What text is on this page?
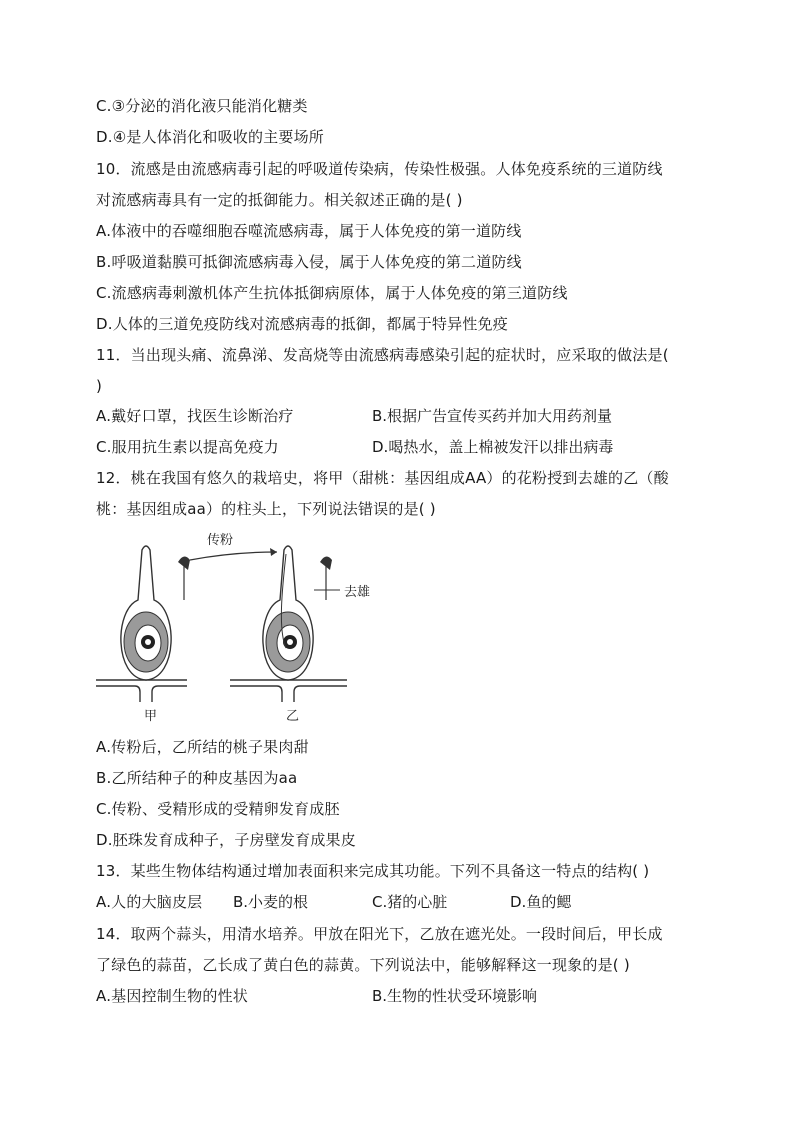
C.③分泌的消化液只能消化糖类
D.④是人体消化和吸收的主要场所
10．流感是由流感病毒引起的呼吸道传染病，传染性极强。人体免疫系统的三道防线
对流感病毒具有一定的抵御能力。相关叙述正确的是( )
A.体液中的吞噬细胞吞噬流感病毒，属于人体免疫的第一道防线
B.呼吸道黏膜可抵御流感病毒入侵，属于人体免疫的第二道防线
C.流感病毒刺激机体产生抗体抵御病原体，属于人体免疫的第三道防线
D.人体的三道免疫防线对流感病毒的抵御，都属于特异性免疫
11．当出现头痛、流鼻涕、发高烧等由流感病毒感染引起的症状时，应采取的做法是(
)
A.戴好口罩，找医生诊断治疗	B.根据广告宣传买药并加大用药剂量
C.服用抗生素以提高免疫力	D.喝热水，盖上棉被发汗以排出病毒
12．桃在我国有悠久的栽培史，将甲（甜桃：基因组成AA）的花粉授到去雄的乙（酸
桃：基因组成aa）的柱头上，下列说法错误的是( )
传粉
去雄
甲	乙
A.传粉后，乙所结的桃子果肉甜
B.乙所结种子的种皮基因为aa
C.传粉、受精形成的受精卵发育成胚
D.胚珠发育成种子，子房壁发育成果皮
13．某些生物体结构通过增加表面积来完成其功能。下列不具备这一特点的结构( )
A.人的大脑皮层 B.小麦的根	C.猪的心脏	D.鱼的鳃
14．取两个蒜头，用清水培养。甲放在阳光下，乙放在遮光处。一段时间后，甲长成
了绿色的蒜苗，乙长成了黄白色的蒜黄。下列说法中，能够解释这一现象的是( )
A.基因控制生物的性状	B.生物的性状受环境影响
